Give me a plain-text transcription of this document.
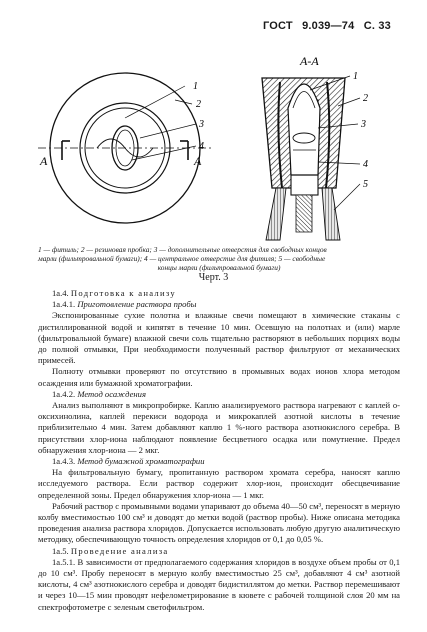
ГОСТ 9.039—74 С. 33
А	А
1
2
3
4
А-А
1
2
3
4
5
1 — фитиль; 2 — резиновая пробка; 3 — дополнительные отверстия для свободных концов
марли (фильтровальной бумаги); 4 — центральное отверстие для фитиля; 5 — свободные

концы марли (фильтровальной бумаги)
Черт. 3

1а.4. Подготовка к анализу

1а.4.1. Приготовление раствора пробы

Экспонированные сухие полотна и влажные свечи помещают в химические стаканы с дистиллированной водой и кипятят в течение 10 мин. Осевшую на полотнах и (или) марле (фильтровальной бумаге) влажной свечи соль тщательно растворяют в небольших порциях воды до полной отмывки, При необходимости полученный раствор фильтруют от механических примесей.

Полноту отмывки проверяют по отсутствию в промывных водах ионов хлора методом осаждения или бумажной хроматографии.

1а.4.2. Метод осаждения

Анализ выполняют в микропробирке. Каплю анализируемого раствора нагревают с каплей о-оксихинолина, каплей перекиси водорода и микрокаплей азотной кислоты в течение приблизительно 4 мин. Затем добавляют каплю 1 %-ного раствора азотнокислого серебра. В присутствии хлор-иона наблюдают появление бесцветного осадка или помутнение. Предел обнаружения хлор-иона — 2 мкг.

1а.4.3. Метод бумажной хроматографии

На фильтровальную бумагу, пропитанную раствором хромата серебра, наносят каплю исследуемого раствора. Если раствор содержит хлор-ион, происходит обесцвечивание определенной зоны. Предел обнаружения хлор-иона — 1 мкг.

Рабочий раствор с промывными водами упаривают до объема 40—50 см³, переносят в мерную колбу вместимостью 100 см³ и доводят до метки водой (раствор пробы). Ниже описана методика проведения анализа раствора хлоридов. Допускается использовать любую другую аналитическую методику, обеспечивающую точность определения хлоридов от 0,1 до 0,05 %.

1а.5. Проведение анализа

1а.5.1. В зависимости от предполагаемого содержания хлоридов в воздухе объем пробы от 0,1 до 10 см³. Пробу переносят в мерную колбу вместимостью 25 см³, добавляют 4 см³ азотной кислоты, 4 см³ азотнокислого серебра и доводят бидистиллятом до метки. Раствор перемешивают и через 10—15 мин проводят нефелометрирование в кювете с рабочей толщиной слоя 20 мм на спектрофотометре с зеленым светофильтром.
